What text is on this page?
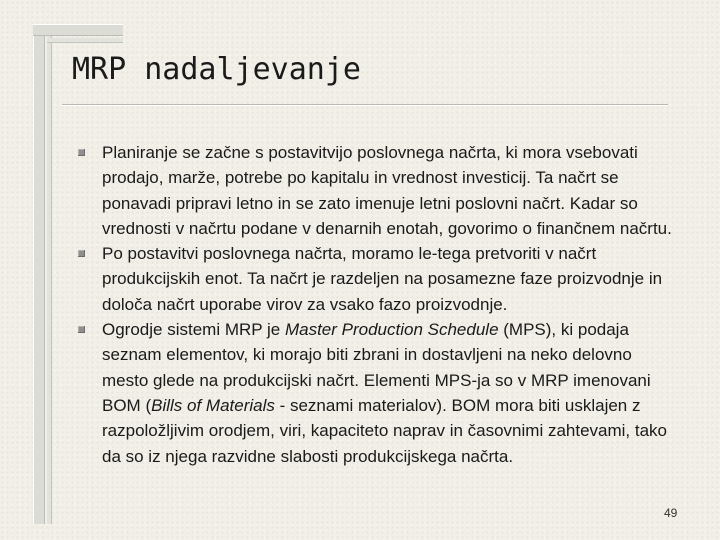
MRP nadaljevanje
Planiranje se začne s postavitvijo poslovnega načrta, ki mora vsebovati prodajo, marže, potrebe po kapitalu in vrednost investicij. Ta načrt se ponavadi pripravi letno in se zato imenuje letni poslovni načrt. Kadar so vrednosti v načrtu podane v denarnih enotah, govorimo o finančnem načrtu.
Po postavitvi poslovnega načrta, moramo le-tega pretvoriti v načrt produkcijskih enot. Ta načrt je razdeljen na posamezne faze proizvodnje in določa načrt uporabe virov za vsako fazo proizvodnje.
Ogrodje sistemi MRP je Master Production Schedule (MPS), ki podaja seznam elementov, ki morajo biti zbrani in dostavljeni na neko delovno mesto glede na produkcijski načrt. Elementi MPS-ja so v MRP imenovani BOM (Bills of Materials - seznami materialov). BOM mora biti usklajen z razpoložljivim orodjem, viri, kapaciteto naprav in časovnimi zahtevami, tako da so iz njega razvidne slabosti produkcijskega načrta.
49
